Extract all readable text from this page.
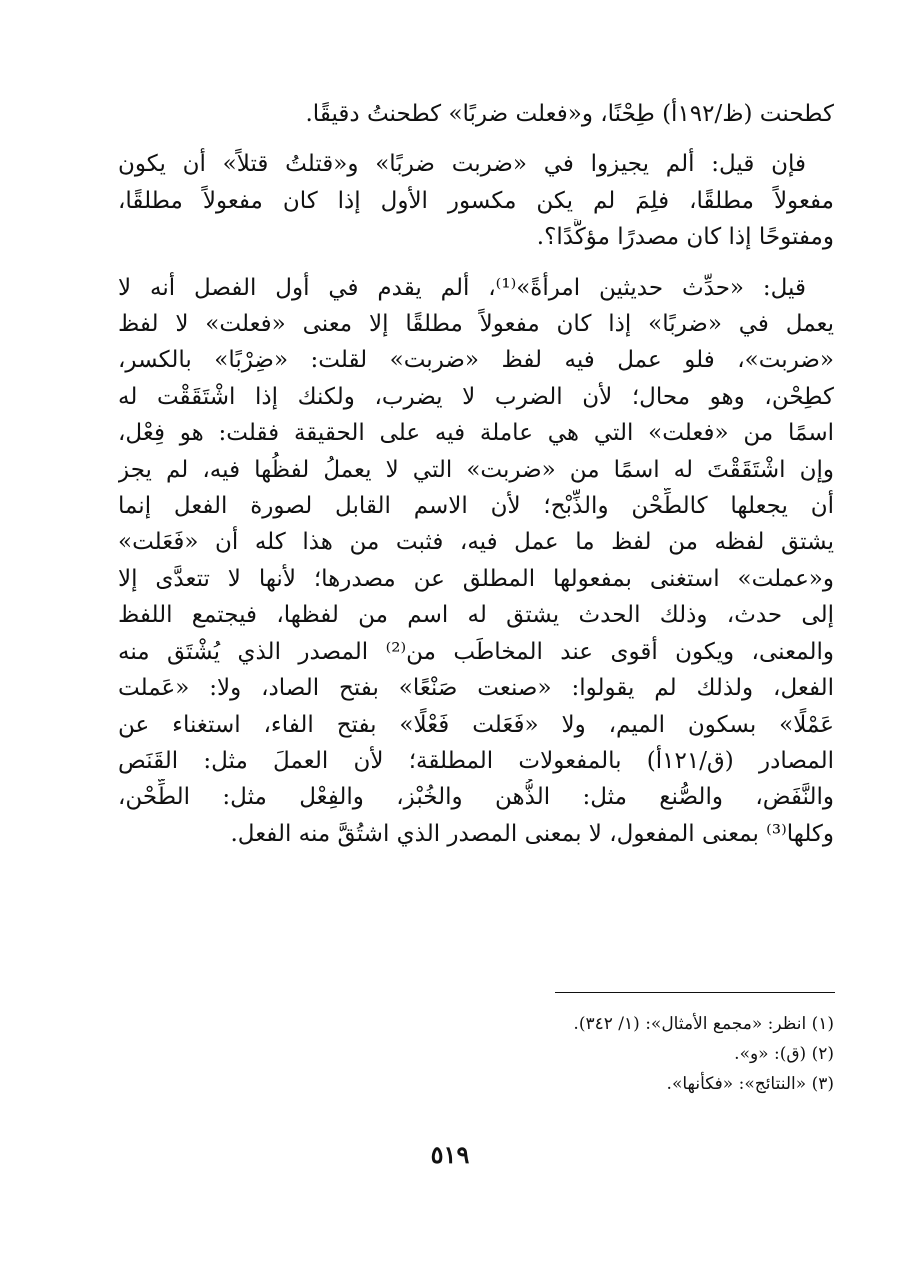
كطحنت (ظ/١٩٢أ) طِحْنًا، و«فعلت ضربًا» كطحنتُ دقيقًا.

فإن قيل: ألم يجيزوا في «ضربت ضربًا» و«قتلتُ قتلاً» أن يكون
مفعولاً مطلقًا، فلِمَ لم يكن مكسور الأول إذا كان مفعولاً مطلقًا،
ومفتوحًا إذا كان مصدرًا مؤكَّدًا؟.

قيل: «حدِّث حديثين امرأةً»⁽¹⁾، ألم يقدم في أول الفصل أنه لا
يعمل في «ضربًا» إذا كان مفعولاً مطلقًا إلا معنى «فعلت» لا لفظ
«ضربت»، فلو عمل فيه لفظ «ضربت» لقلت: «ضِرْبًا» بالكسر،
كطِحْن، وهو محال؛ لأن الضرب لا يضرب، ولكنك إذا اشْتَقَقْت له
اسمًا من «فعلت» التي هي عاملة فيه على الحقيقة فقلت: هو فِعْل،
وإن اشْتَقَقْتَ له اسمًا من «ضربت» التي لا يعملُ لفظُها فيه، لم يجز
أن يجعلها كالطِّحْن والذِّبْح؛ لأن الاسم القابل لصورة الفعل إنما
يشتق لفظه من لفظ ما عمل فيه، فثبت من هذا كله أن «فَعَلت»
و«عملت» استغنى بمفعولها المطلق عن مصدرها؛ لأنها لا تتعدَّى إلا
إلى حدث، وذلك الحدث يشتق له اسم من لفظها، فيجتمع اللفظ
والمعنى، ويكون أقوى عند المخاطَب من⁽²⁾ المصدر الذي يُشْتَق منه
الفعل، ولذلك لم يقولوا: «صنعت صَنْعًا» بفتح الصاد، ولا: «عَملت
عَمْلًا» بسكون الميم، ولا «فَعَلت فَعْلًا» بفتح الفاء، استغناء عن
المصادر (ق/١٢١أ) بالمفعولات المطلقة؛ لأن العملَ مثل: القَنَص
والنَّفَض، والصُّنع مثل: الذُّهن والخُبْز، والفِعْل مثل: الطِّحْن،
وكلها⁽³⁾ بمعنى المفعول، لا بمعنى المصدر الذي اشتُقَّ منه الفعل.

(١) انظر: «مجمع الأمثال»: (١/ ٣٤٢).
(٢) (ق): «و».
(٣) «النتائج»: «فكأنها».
٥١٩
